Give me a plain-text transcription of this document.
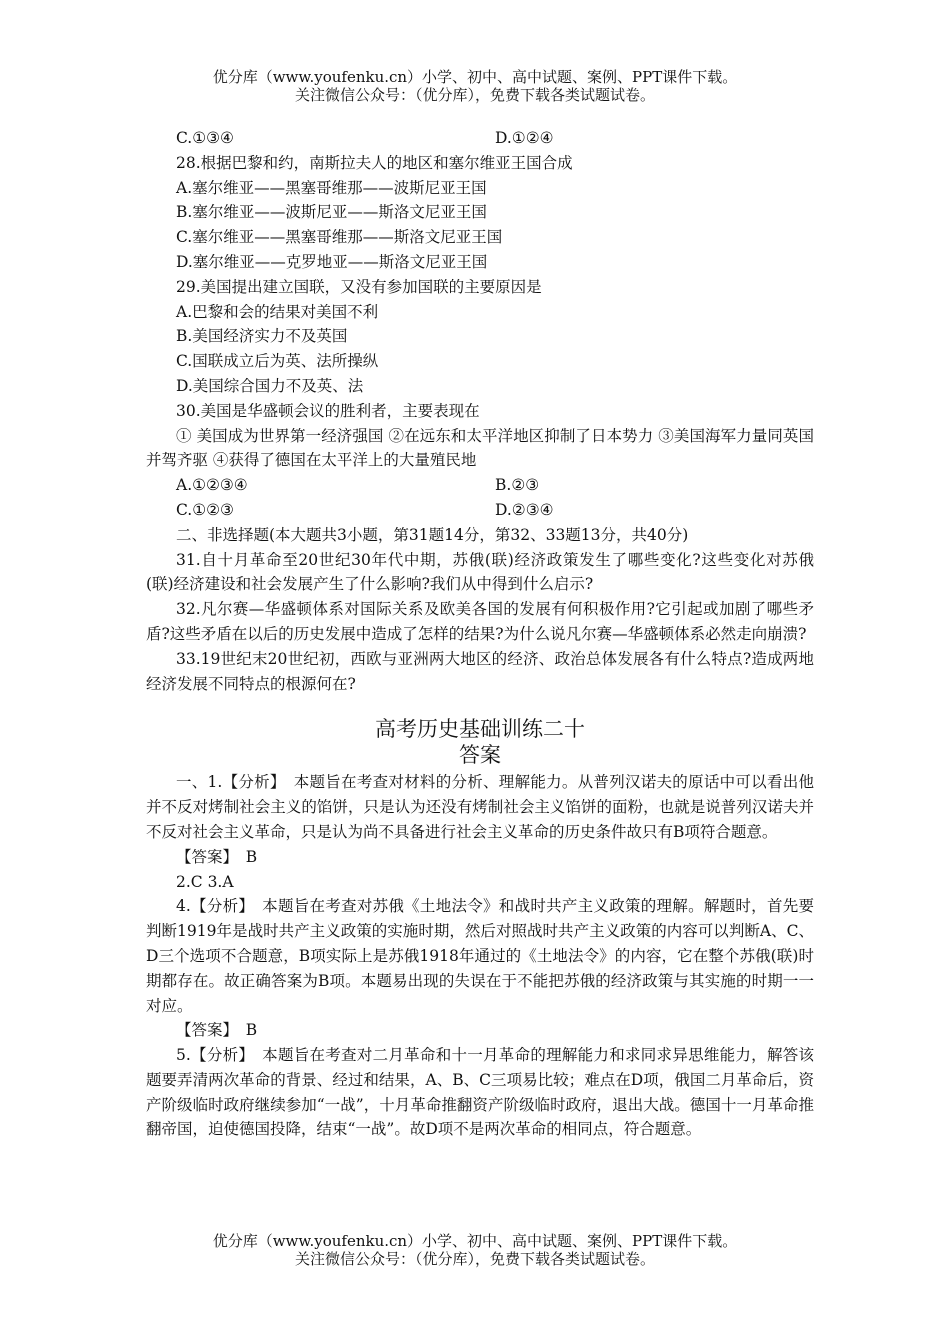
优分库（www.youfenku.cn）小学、初中、高中试题、案例、PPT课件下载。
关注微信公众号：（优分库），免费下载各类试题试卷。
C.①③④	D.①②④
28.根据巴黎和约，南斯拉夫人的地区和塞尔维亚王国合成
A.塞尔维亚——黑塞哥维那——波斯尼亚王国
B.塞尔维亚——波斯尼亚——斯洛文尼亚王国
C.塞尔维亚——黑塞哥维那——斯洛文尼亚王国
D.塞尔维亚——克罗地亚——斯洛文尼亚王国
29.美国提出建立国联，又没有参加国联的主要原因是
A.巴黎和会的结果对美国不利
B.美国经济实力不及英国
C.国联成立后为英、法所操纵
D.美国综合国力不及英、法
30.美国是华盛顿会议的胜利者，主要表现在
① 美国成为世界第一经济强国 ②在远东和太平洋地区抑制了日本势力 ③美国海军力量同英国并驾齐驱 ④获得了德国在太平洋上的大量殖民地
A.①②③④	B.②③
C.①②③	D.②③④
二、非选择题(本大题共3小题，第31题14分，第32、33题13分，共40分)
31.自十月革命至20世纪30年代中期，苏俄(联)经济政策发生了哪些变化?这些变化对苏俄(联)经济建设和社会发展产生了什么影响?我们从中得到什么启示?
32.凡尔赛—华盛顿体系对国际关系及欧美各国的发展有何积极作用?它引起或加剧了哪些矛盾?这些矛盾在以后的历史发展中造成了怎样的结果?为什么说凡尔赛—华盛顿体系必然走向崩溃?
33.19世纪末20世纪初，西欧与亚洲两大地区的经济、政治总体发展各有什么特点?造成两地经济发展不同特点的根源何在?
高考历史基础训练二十
答案
一、1.【分析】　本题旨在考查对材料的分析、理解能力。从普列汉诺夫的原话中可以看出他并不反对烤制社会主义的馅饼，只是认为还没有烤制社会主义馅饼的面粉，也就是说普列汉诺夫并不反对社会主义革命，只是认为尚不具备进行社会主义革命的历史条件故只有B项符合题意。
【答案】　B
2.C 3.A
4.【分析】　本题旨在考查对苏俄《土地法令》和战时共产主义政策的理解。解题时，首先要判断1919年是战时共产主义政策的实施时期，然后对照战时共产主义政策的内容可以判断A、C、D三个选项不合题意，B项实际上是苏俄1918年通过的《土地法令》的内容，它在整个苏俄(联)时期都存在。故正确答案为B项。本题易出现的失误在于不能把苏俄的经济政策与其实施的时期一一对应。
【答案】　B
5.【分析】　本题旨在考查对二月革命和十一月革命的理解能力和求同求异思维能力，解答该题要弄清两次革命的背景、经过和结果，A、B、C三项易比较；难点在D项，俄国二月革命后，资产阶级临时政府继续参加“一战”，十月革命推翻资产阶级临时政府，退出大战。德国十一月革命推翻帝国，迫使德国投降，结束“一战”。故D项不是两次革命的相同点，符合题意。
优分库（www.youfenku.cn）小学、初中、高中试题、案例、PPT课件下载。
关注微信公众号：（优分库），免费下载各类试题试卷。
